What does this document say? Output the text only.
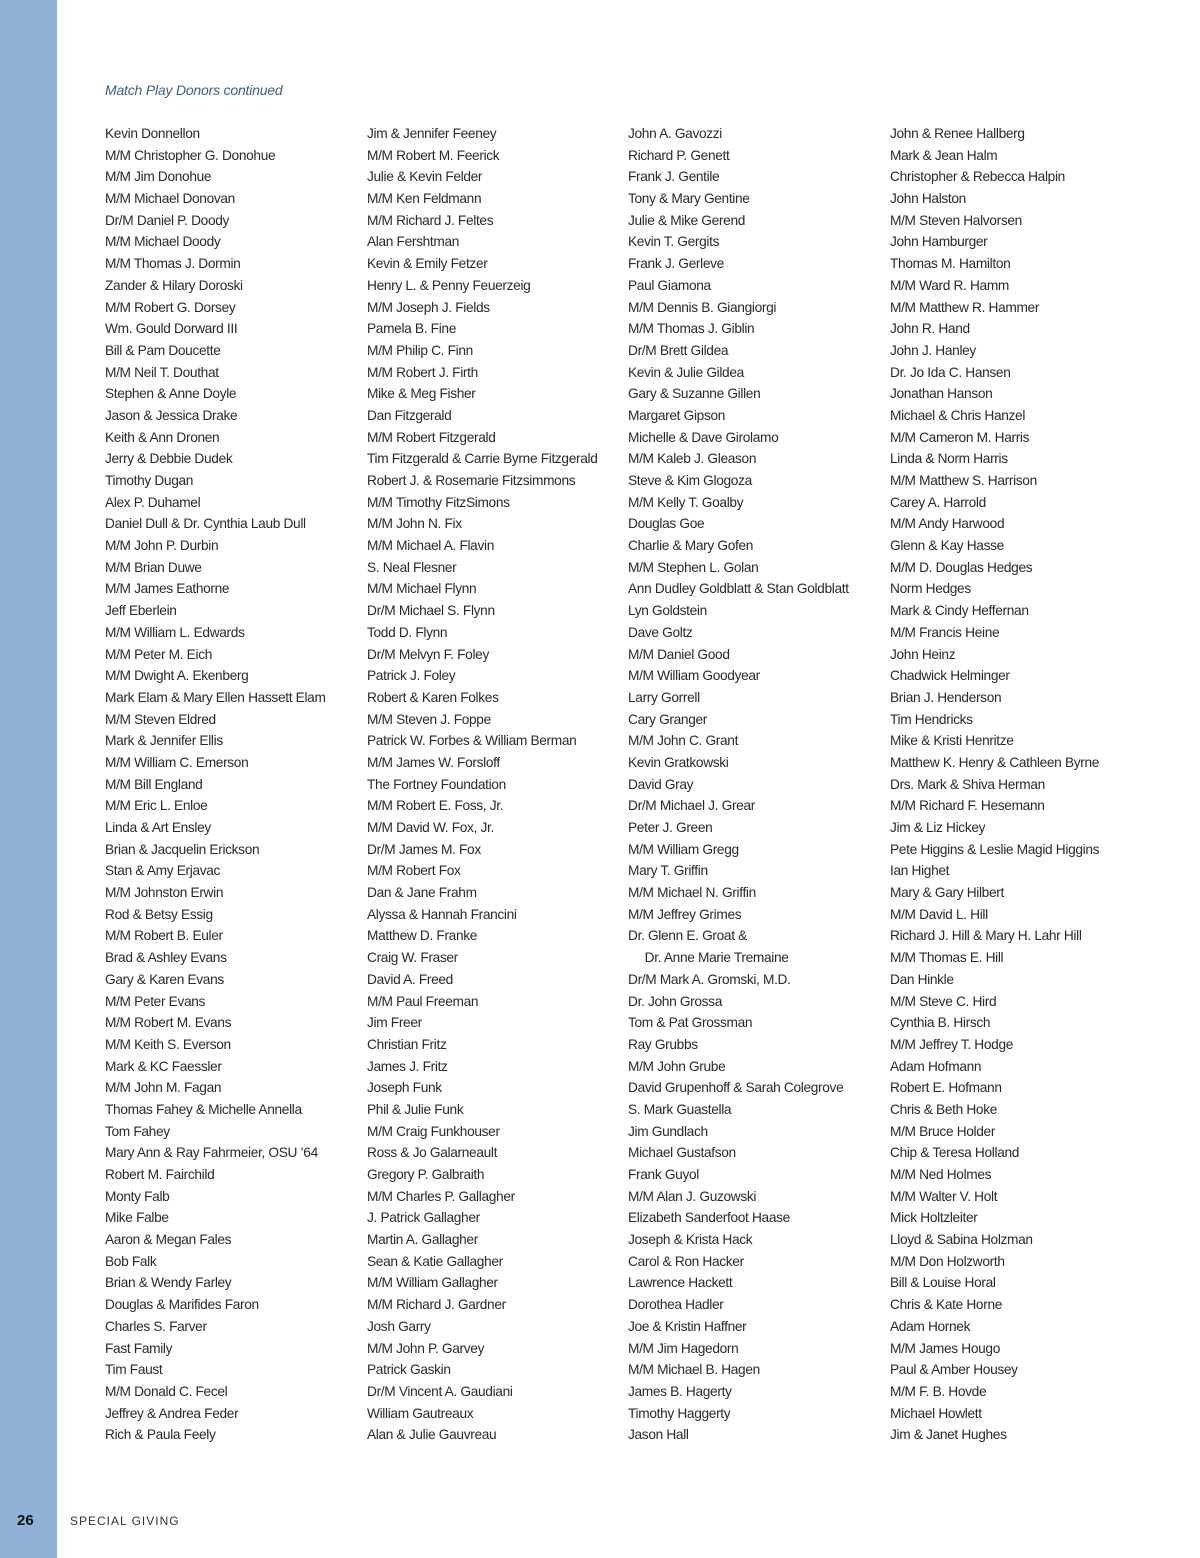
Match Play Donors continued
Kevin Donnellon
M/M Christopher G. Donohue
M/M Jim Donohue
M/M Michael Donovan
Dr/M Daniel P. Doody
M/M Michael Doody
M/M Thomas J. Dormin
Zander & Hilary Doroski
M/M Robert G. Dorsey
Wm. Gould Dorward III
Bill & Pam Doucette
M/M Neil T. Douthat
Stephen & Anne Doyle
Jason & Jessica Drake
Keith & Ann Dronen
Jerry & Debbie Dudek
Timothy Dugan
Alex P. Duhamel
Daniel Dull & Dr. Cynthia Laub Dull
M/M John P. Durbin
M/M Brian Duwe
M/M James Eathorne
Jeff Eberlein
M/M William L. Edwards
M/M Peter M. Eich
M/M Dwight A. Ekenberg
Mark Elam & Mary Ellen Hassett Elam
M/M Steven Eldred
Mark & Jennifer Ellis
M/M William C. Emerson
M/M Bill England
M/M Eric L. Enloe
Linda & Art Ensley
Brian & Jacquelin Erickson
Stan & Amy Erjavac
M/M Johnston Erwin
Rod & Betsy Essig
M/M Robert B. Euler
Brad & Ashley Evans
Gary & Karen Evans
M/M Peter Evans
M/M Robert M. Evans
M/M Keith S. Everson
Mark & KC Faessler
M/M John M. Fagan
Thomas Fahey & Michelle Annella
Tom Fahey
Mary Ann & Ray Fahrmeier, OSU ’64
Robert M. Fairchild
Monty Falb
Mike Falbe
Aaron & Megan Fales
Bob Falk
Brian & Wendy Farley
Douglas & Marifides Faron
Charles S. Farver
Fast Family
Tim Faust
M/M Donald C. Fecel
Jeffrey & Andrea Feder
Rich & Paula Feely
Jim & Jennifer Feeney
M/M Robert M. Feerick
Julie & Kevin Felder
M/M Ken Feldmann
M/M Richard J. Feltes
Alan Fershtman
Kevin & Emily Fetzer
Henry L. & Penny Feuerzeig
M/M Joseph J. Fields
Pamela B. Fine
M/M Philip C. Finn
M/M Robert J. Firth
Mike & Meg Fisher
Dan Fitzgerald
M/M Robert Fitzgerald
Tim Fitzgerald & Carrie Byrne Fitzgerald
Robert J. & Rosemarie Fitzsimmons
M/M Timothy FitzSimons
M/M John N. Fix
M/M Michael A. Flavin
S. Neal Flesner
M/M Michael Flynn
Dr/M Michael S. Flynn
Todd D. Flynn
Dr/M Melvyn F. Foley
Patrick J. Foley
Robert & Karen Folkes
M/M Steven J. Foppe
Patrick W. Forbes & William Berman
M/M James W. Forsloff
The Fortney Foundation
M/M Robert E. Foss, Jr.
M/M David W. Fox, Jr.
Dr/M James M. Fox
M/M Robert Fox
Dan & Jane Frahm
Alyssa & Hannah Francini
Matthew D. Franke
Craig W. Fraser
David A. Freed
M/M Paul Freeman
Jim Freer
Christian Fritz
James J. Fritz
Joseph Funk
Phil & Julie Funk
M/M Craig Funkhouser
Ross & Jo Galarneault
Gregory P. Galbraith
M/M Charles P. Gallagher
J. Patrick Gallagher
Martin A. Gallagher
Sean & Katie Gallagher
M/M William Gallagher
M/M Richard J. Gardner
Josh Garry
M/M John P. Garvey
Patrick Gaskin
Dr/M Vincent A. Gaudiani
William Gautreaux
Alan & Julie Gauvreau
John A. Gavozzi
Richard P. Genett
Frank J. Gentile
Tony & Mary Gentine
Julie & Mike Gerend
Kevin T. Gergits
Frank J. Gerleve
Paul Giamona
M/M Dennis B. Giangiorgi
M/M Thomas J. Giblin
Dr/M Brett Gildea
Kevin & Julie Gildea
Gary & Suzanne Gillen
Margaret Gipson
Michelle & Dave Girolamo
M/M Kaleb J. Gleason
Steve & Kim Glogoza
M/M Kelly T. Goalby
Douglas Goe
Charlie & Mary Gofen
M/M Stephen L. Golan
Ann Dudley Goldblatt & Stan Goldblatt
Lyn Goldstein
Dave Goltz
M/M Daniel Good
M/M William Goodyear
Larry Gorrell
Cary Granger
M/M John C. Grant
Kevin Gratkowski
David Gray
Dr/M Michael J. Grear
Peter J. Green
M/M William Gregg
Mary T. Griffin
M/M Michael N. Griffin
M/M Jeffrey Grimes
Dr. Glenn E. Groat &
Dr. Anne Marie Tremaine
Dr/M Mark A. Gromski, M.D.
Dr. John Grossa
Tom & Pat Grossman
Ray Grubbs
M/M John Grube
David Grupenhoff & Sarah Colegrove
S. Mark Guastella
Jim Gundlach
Michael Gustafson
Frank Guyol
M/M Alan J. Guzowski
Elizabeth Sanderfoot Haase
Joseph & Krista Hack
Carol & Ron Hacker
Lawrence Hackett
Dorothea Hadler
Joe & Kristin Haffner
M/M Jim Hagedorn
M/M Michael B. Hagen
James B. Hagerty
Timothy Haggerty
Jason Hall
John & Renee Hallberg
Mark & Jean Halm
Christopher & Rebecca Halpin
John Halston
M/M Steven Halvorsen
John Hamburger
Thomas M. Hamilton
M/M Ward R. Hamm
M/M Matthew R. Hammer
John R. Hand
John J. Hanley
Dr. Jo Ida C. Hansen
Jonathan Hanson
Michael & Chris Hanzel
M/M Cameron M. Harris
Linda & Norm Harris
M/M Matthew S. Harrison
Carey A. Harrold
M/M Andy Harwood
Glenn & Kay Hasse
M/M D. Douglas Hedges
Norm Hedges
Mark & Cindy Heffernan
M/M Francis Heine
John Heinz
Chadwick Helminger
Brian J. Henderson
Tim Hendricks
Mike & Kristi Henritze
Matthew K. Henry & Cathleen Byrne
Drs. Mark & Shiva Herman
M/M Richard F. Hesemann
Jim & Liz Hickey
Pete Higgins & Leslie Magid Higgins
Ian Highet
Mary & Gary Hilbert
M/M David L. Hill
Richard J. Hill & Mary H. Lahr Hill
M/M Thomas E. Hill
Dan Hinkle
M/M Steve C. Hird
Cynthia B. Hirsch
M/M Jeffrey T. Hodge
Adam Hofmann
Robert E. Hofmann
Chris & Beth Hoke
M/M Bruce Holder
Chip & Teresa Holland
M/M Ned Holmes
M/M Walter V. Holt
Mick Holtzleiter
Lloyd & Sabina Holzman
M/M Don Holzworth
Bill & Louise Horal
Chris & Kate Horne
Adam Hornek
M/M James Hougo
Paul & Amber Housey
M/M F. B. Hovde
Michael Howlett
Jim & Janet Hughes
26	SPECIAL GIVING
